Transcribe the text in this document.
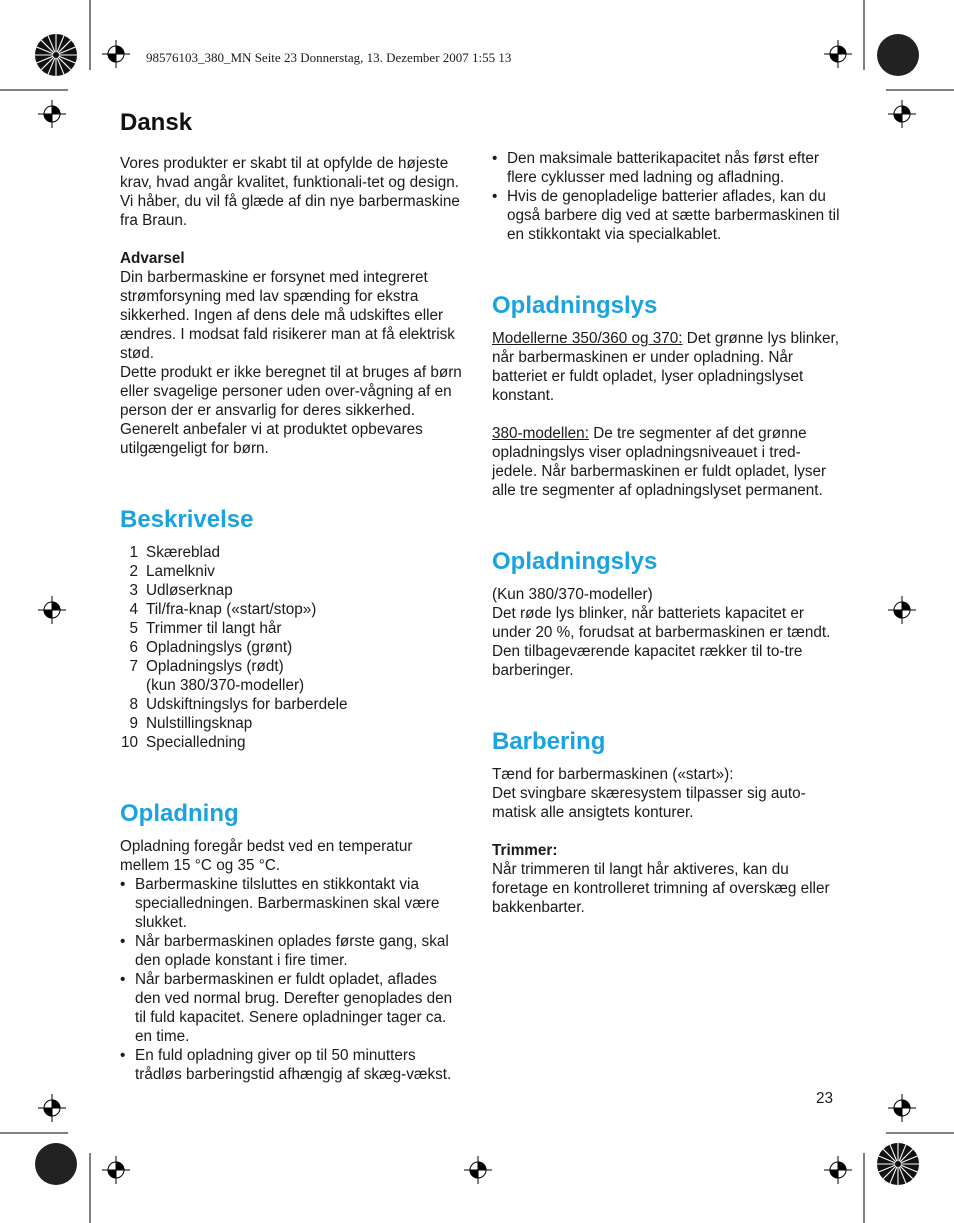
98576103_380_MN Seite 23 Donnerstag, 13. Dezember 2007 1:55 13
Dansk

Vores produkter er skabt til at opfylde de højeste krav, hvad angår kvalitet, funktionali-tet og design. Vi håber, du vil få glæde af din nye barbermaskine fra Braun.

Advarsel

Din barbermaskine er forsynet med integreret strømforsyning med lav spænding for ekstra sikkerhed. Ingen af dens dele må udskiftes eller ændres. I modsat fald risikerer man at få elektrisk stød.

Dette produkt er ikke beregnet til at bruges af børn eller svagelige personer uden over-vågning af en person der er ansvarlig for deres sikkerhed. Generelt anbefaler vi at produktet opbevares utilgængeligt for børn.

Beskrivelse
1 Skæreblad
2 Lamelkniv
3 Udløserknap
4 Til/fra-knap («start/stop»)
5 Trimmer til langt hår
6 Opladningslys (grønt)
7 Opladningslys (rødt)
(kun 380/370-modeller)
8 Udskiftningslys for barberdele
9 Nulstillingsknap
10 Specialledning
Opladning

Opladning foregår bedst ved en temperatur mellem 15 °C og 35 °C.

• Barbermaskine tilsluttes en stikkontakt via specialledningen. Barbermaskinen skal være slukket.
• Når barbermaskinen oplades første gang, skal den oplade konstant i fire timer.
• Når barbermaskinen er fuldt opladet, aflades den ved normal brug. Derefter genoplades den til fuld kapacitet. Senere opladninger tager ca. en time.
• En fuld opladning giver op til 50 minutters trådløs barberingstid afhængig af skæg-vækst.
• Den maksimale batterikapacitet nås først efter flere cyklusser med ladning og afladning.
• Hvis de genopladelige batterier aflades, kan du også barbere dig ved at sætte barbermaskinen til en stikkontakt via specialkablet.
Opladningslys

Modellerne 350/360 og 370: Det grønne lys blinker, når barbermaskinen er under opladning. Når batteriet er fuldt opladet, lyser opladningslyset konstant.

380-modellen: De tre segmenter af det grønne opladningslys viser opladningsniveauet i tred-jedele. Når barbermaskinen er fuldt opladet, lyser alle tre segmenter af opladningslyset permanent.

Opladningslys

(Kun 380/370-modeller)

Det røde lys blinker, når batteriets kapacitet er under 20 %, forudsat at barbermaskinen er tændt. Den tilbageværende kapacitet rækker til to-tre barberinger.

Barbering

Tænd for barbermaskinen («start»):

Det svingbare skæresystem tilpasser sig auto-matisk alle ansigtets konturer.

Trimmer:

Når trimmeren til langt hår aktiveres, kan du foretage en kontrolleret trimning af overskæg eller bakkenbarter.

23
